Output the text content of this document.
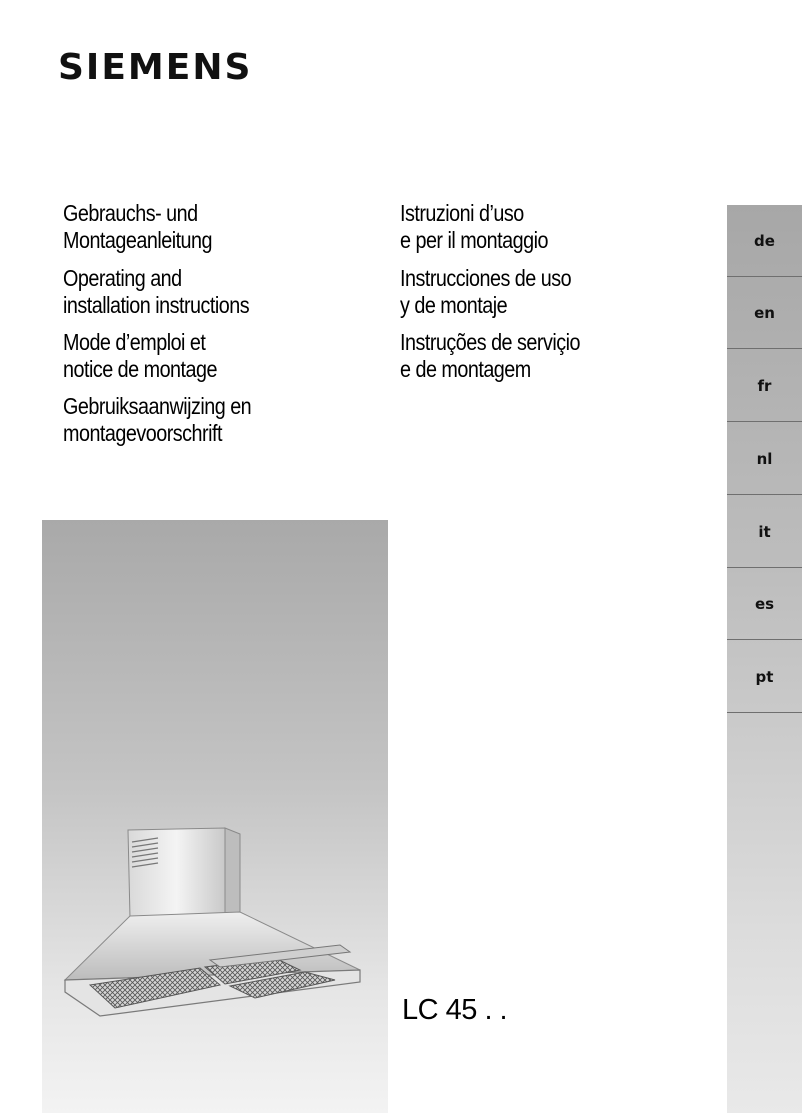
SIEMENS
Gebrauchs- und
Montageanleitung
Operating and
installation instructions
Mode d’emploi et
notice de montage
Gebruiksaanwijzing en
montagevoorschrift
Istruzioni d’uso
e per il montaggio
Instrucciones de uso
y de montaje
Instruções de serviçio
e de montagem
LC 45 . .
de
en
fr
nl
it
es
pt
